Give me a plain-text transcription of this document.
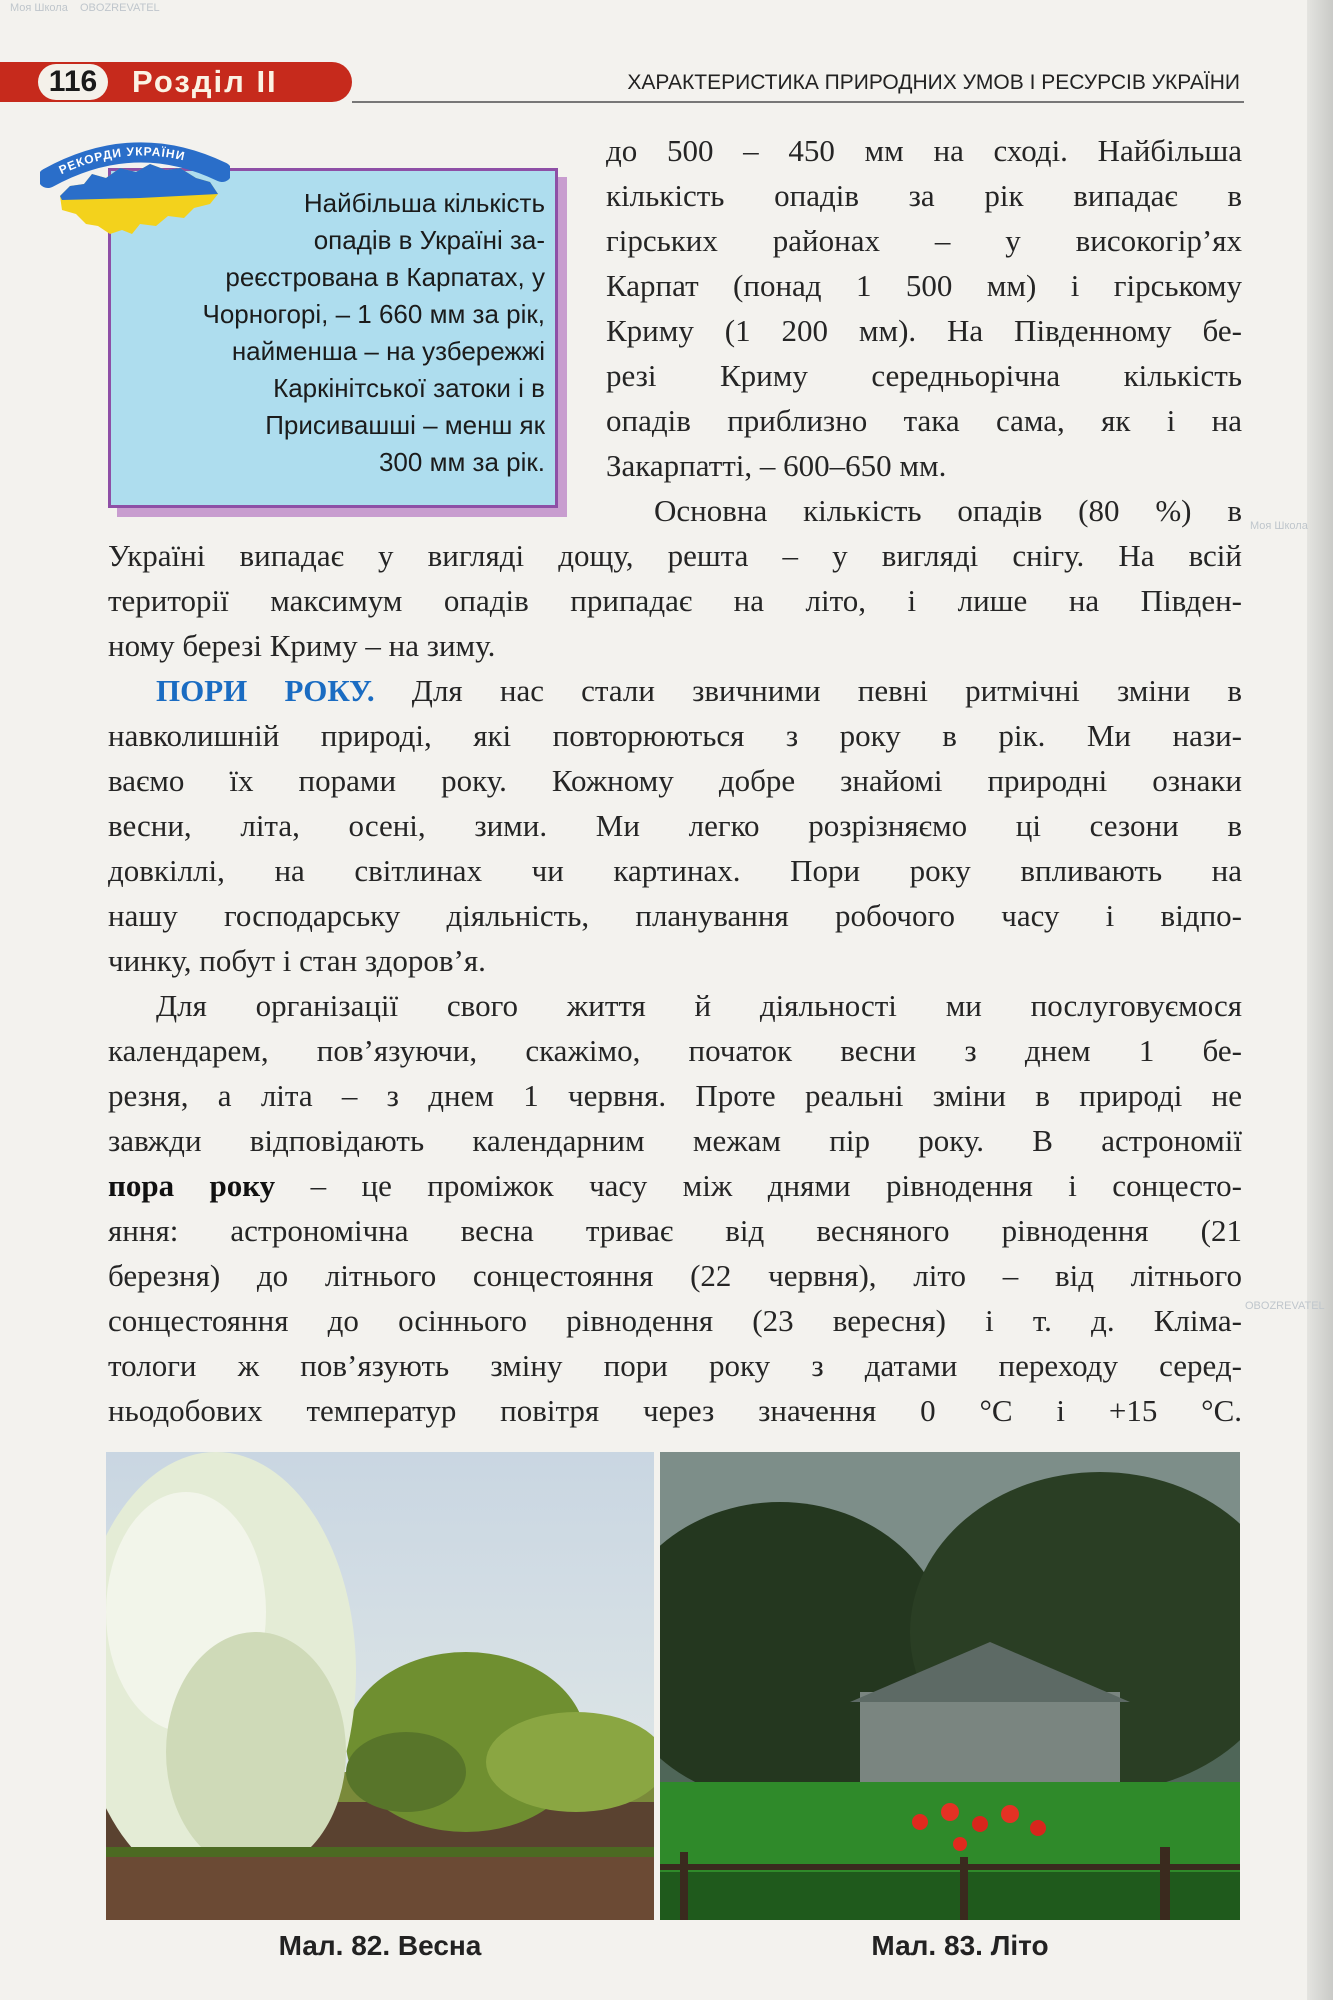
116	Розділ ІІ	ХАРАКТЕРИСТИКА ПРИРОДНИХ УМОВ І РЕСУРСІВ УКРАЇНИ
Найбільша кількість
опадів в Україні за-
реєстрована в Карпатах, у
Чорногорі, – 1 660 мм за рік,
найменша – на узбережжі
Каркінітської затоки і в
Присивашші – менш як
300 мм за рік.
РЕКОРДИ УКРАЇНИ	до 500 – 450 мм на сході. Найбільша
кількість опадів за рік випадає в
гірських районах – у високогір’ях
Карпат (понад 1 500 мм) і гірському
Криму (1 200 мм). На Південному бе-
резі Криму середньорічна кількість
опадів приблизно така сама, як і на
Закарпатті, – 600–650 мм.
Основна кількість опадів (80 %) в
Україні випадає у вигляді дощу, решта – у вигляді снігу. На всій
території максимум опадів припадає на літо, і лише на Півден-
ному березі Криму – на зиму.
ПОРИ РОКУ. Для нас стали звичними певні ритмічні зміни в
навколишній природі, які повторюються з року в рік. Ми нази-
ваємо їх порами року. Кожному добре знайомі природні ознаки
весни, літа, осені, зими. Ми легко розрізняємо ці сезони в
довкіллі, на світлинах чи картинах. Пори року впливають на
нашу господарську діяльність, планування робочого часу і відпо-
чинку, побут і стан здоров’я.
Для організації свого життя й діяльності ми послуговуємося
календарем, пов’язуючи, скажімо, початок весни з днем 1 бе-
резня, а літа – з днем 1 червня. Проте реальні зміни в природі не
завжди відповідають календарним межам пір року. В астрономії
пора року – це проміжок часу між днями рівнодення і сонцесто-
яння: астрономічна весна триває від весняного рівнодення (21
березня) до літнього сонцестояння (22 червня), літо – від літнього
сонцестояння до осіннього рівнодення (23 вересня) і т. д. Кліма-
тологи ж пов’язують зміну пори року з датами переходу серед-
ньодобових температур повітря через значення 0 °С і +15 °С.
Мал. 82. Весна	Мал. 83. Літо
Моя Школа OBOZREVATEL
Моя Школа
OBOZREVATEL
